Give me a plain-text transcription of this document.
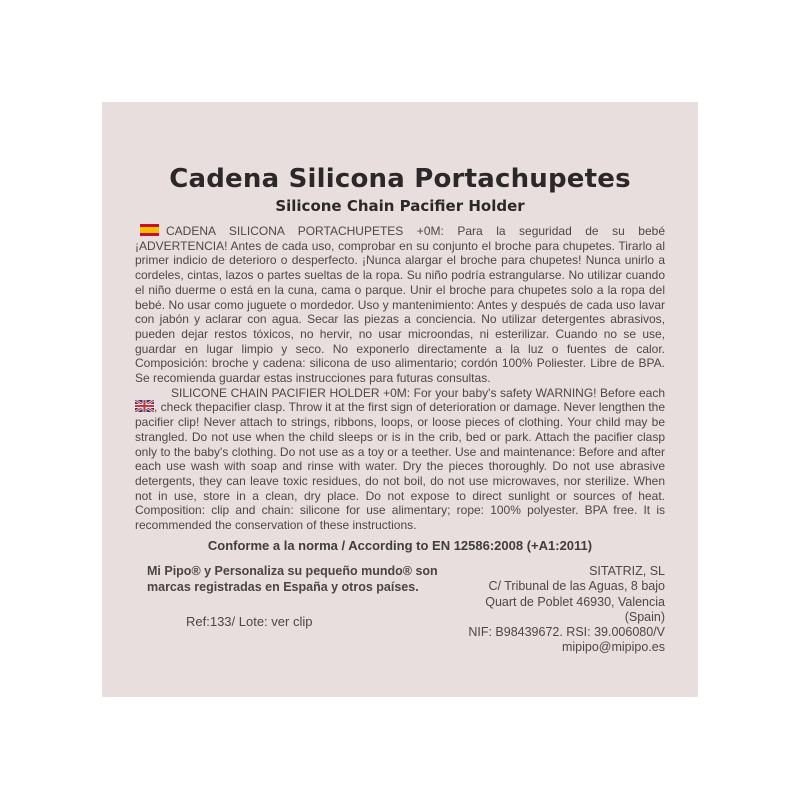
Cadena Silicona Portachupetes
Silicone Chain Pacifier Holder

CADENA SILICONA PORTACHUPETES +0M: Para la seguridad de su bebé ¡ADVERTENCIA! Antes de cada uso, comprobar en su conjunto el broche para chupetes. Tirarlo al primer indicio de deterioro o desperfecto. ¡Nunca alargar el broche para chupetes! Nunca unirlo a cordeles, cintas, lazos o partes sueltas de la ropa. Su niño podría estrangularse. No utilizar cuando el niño duerme o está en la cuna, cama o parque. Unir el broche para chupetes solo a la ropa del bebé. No usar como juguete o mordedor. Uso y mantenimiento: Antes y después de cada uso lavar con jabón y aclarar con agua. Secar las piezas a conciencia. No utilizar detergentes abrasivos, pueden dejar restos tóxicos, no hervir, no usar microondas, ni esterilizar. Cuando no se use, guardar en lugar limpio y seco. No exponerlo directamente a la luz o fuentes de calor. Composición: broche y cadena: silicona de uso alimentario; cordón 100% Poliester. Libre de BPA. Se recomienda guardar estas instrucciones para futuras consultas.

SILICONE CHAIN PACIFIER HOLDER +0M: For your baby's safety WARNING! Before each
, check thepacifier clasp. Throw it at the first sign of deterioration or damage. Never lengthen the pacifier clip! Never attach to strings, ribbons, loops, or loose pieces of clothing. Your child may be strangled. Do not use when the child sleeps or is in the crib, bed or park. Attach the pacifier clasp only to the baby's clothing. Do not use as a toy or a teether. Use and maintenance: Before and after each use wash with soap and rinse with water. Dry the pieces thoroughly. Do not use abrasive detergents, they can leave toxic residues, do not boil, do not use microwaves, nor sterilize. When not in use, store in a clean, dry place. Do not expose to direct sunlight or sources of heat. Composition: clip and chain: silicone for use alimentary; rope: 100% polyester. BPA free. It is recommended the conservation of these instructions.

Conforme a la norma / According to EN 12586:2008 (+A1:2011)
Mi Pipo® y Personaliza su pequeño mundo® son marcas registradas en España y otros países.
SITATRIZ, SL
C/ Tribunal de las Aguas, 8 bajo
Quart de Poblet 46930, Valencia (Spain)
NIF: B98439672. RSI: 39.006080/V
mipipo@mipipo.es
Ref:133/ Lote: ver clip
